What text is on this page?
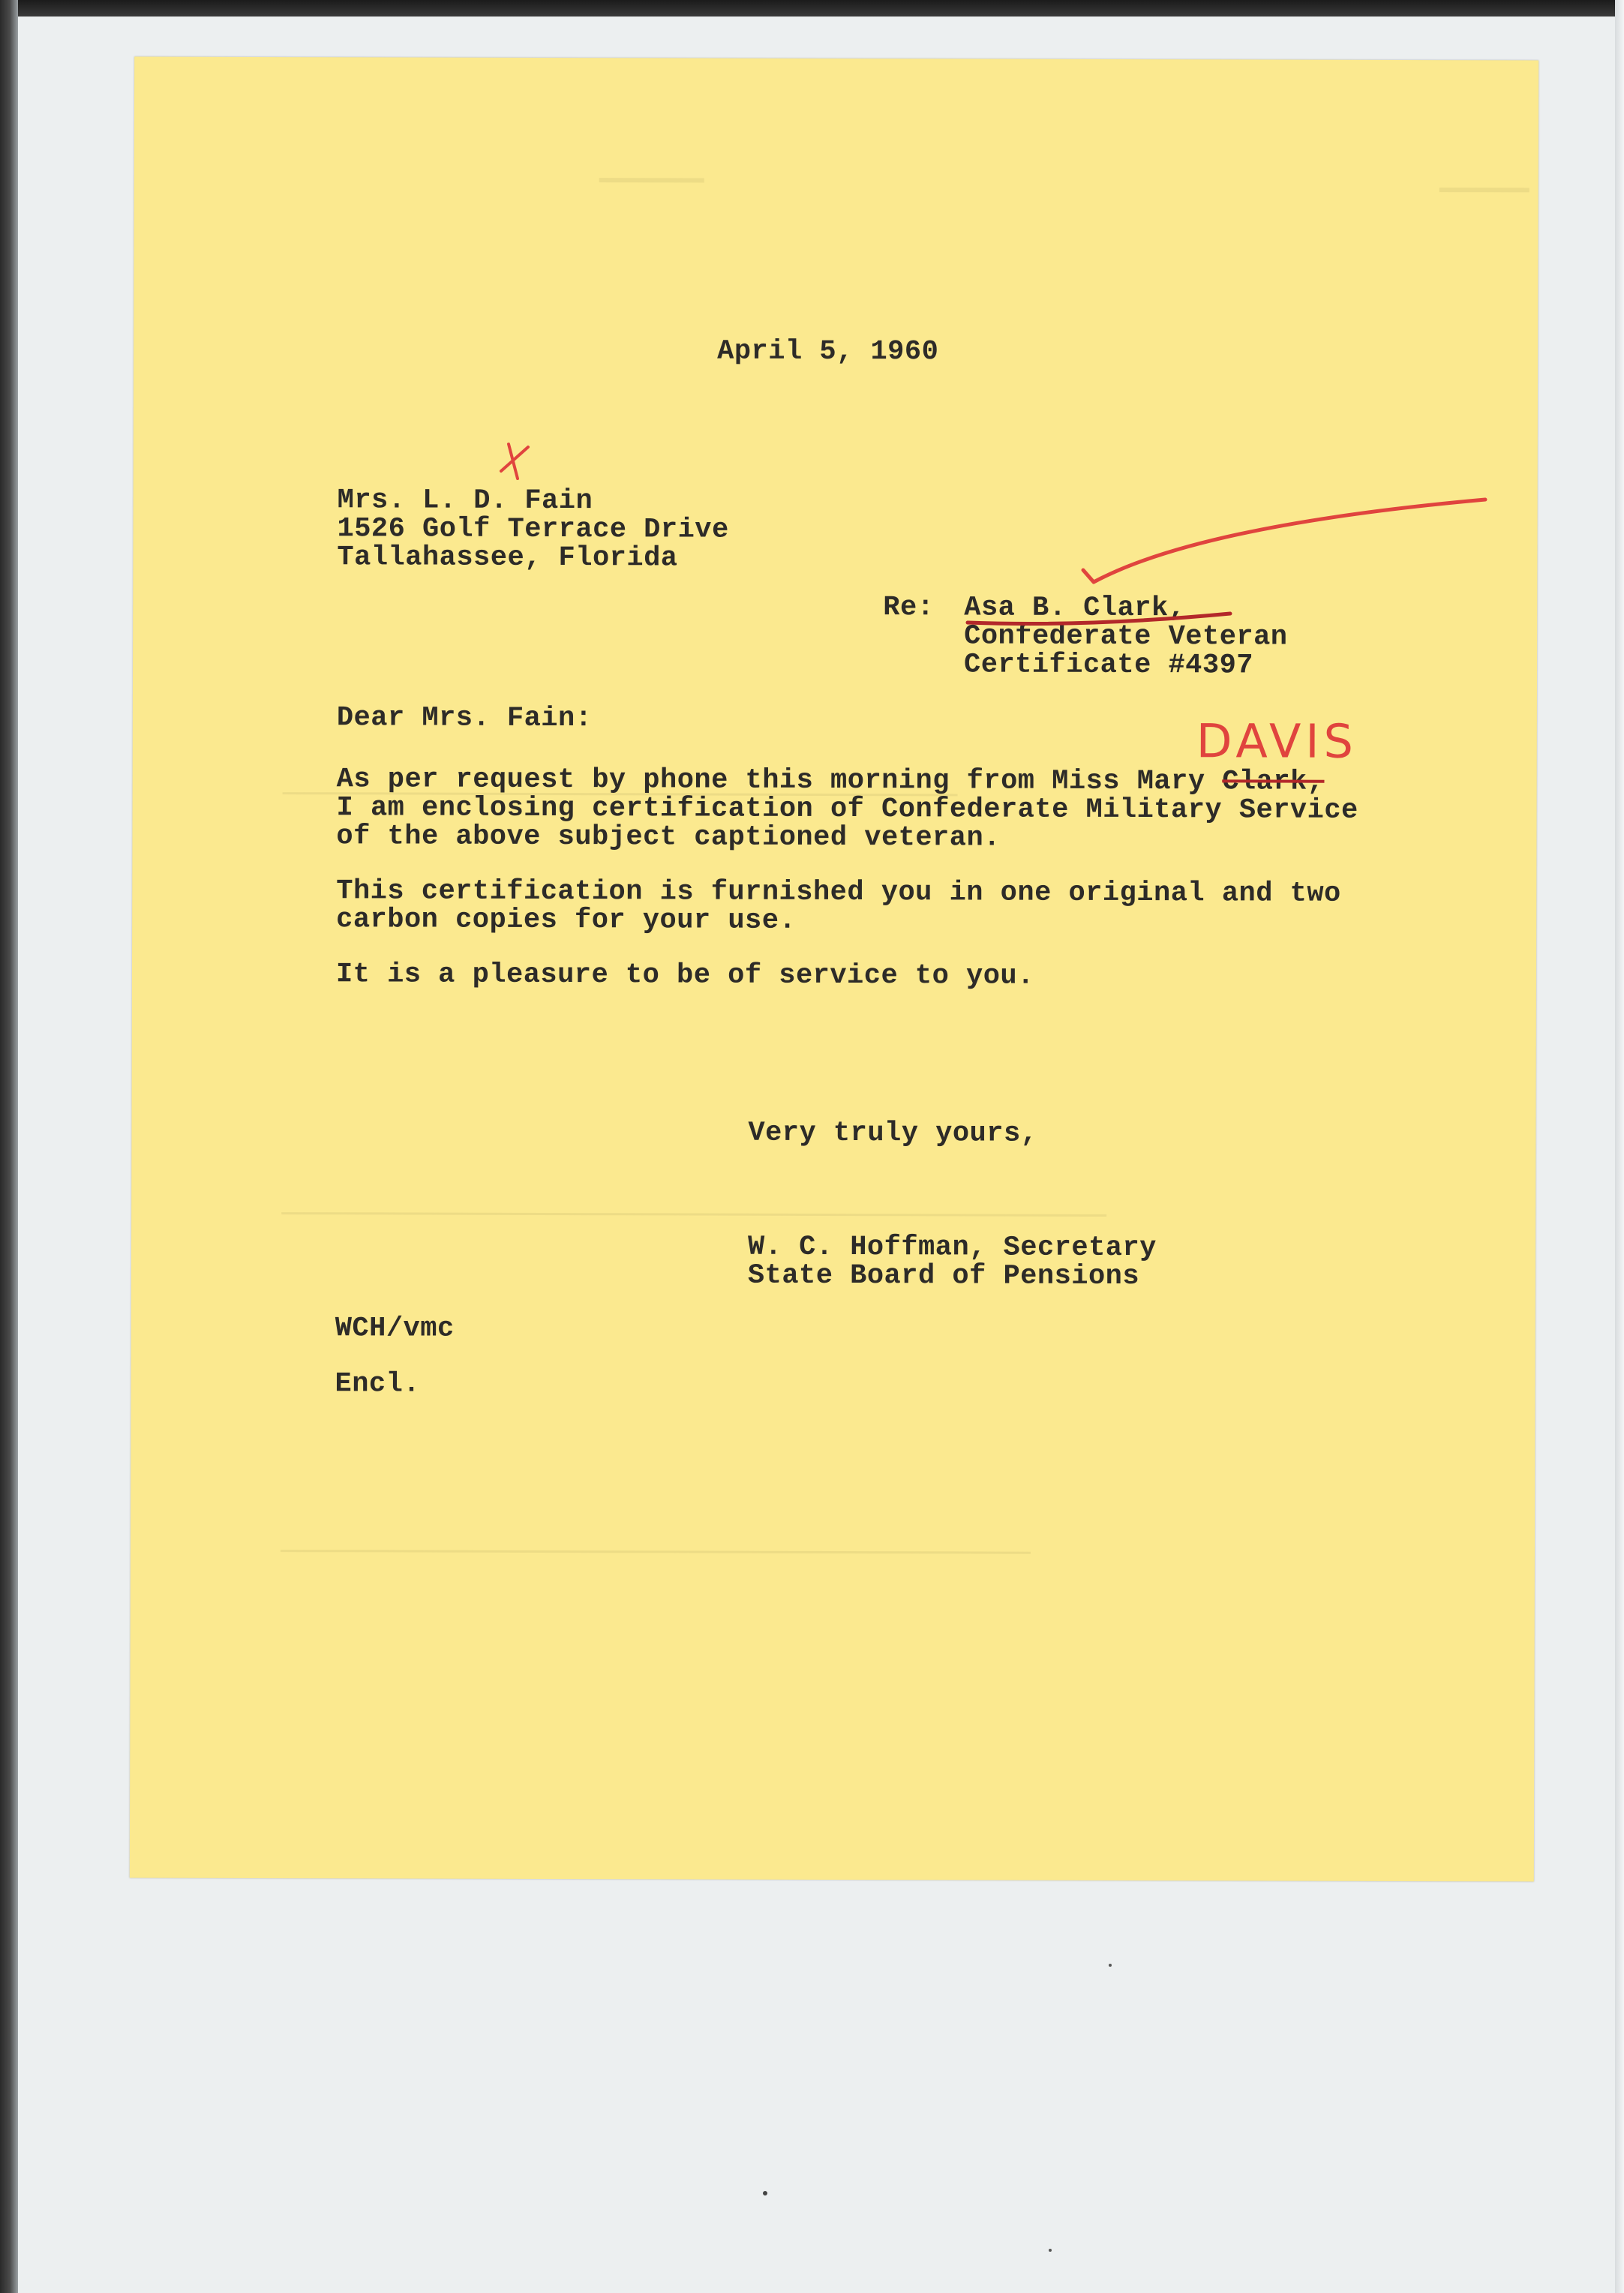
April 5, 1960

Mrs. L. D. Fain

1526 Golf Terrace Drive

Tallahassee, Florida

Re: Asa B. Clark,

Confederate Veteran

Certificate #4397

Dear Mrs. Fain:

As per request by phone this morning from Miss Mary Clark,

I am enclosing certification of Confederate Military Service

of the above subject captioned veteran.

This certification is furnished you in one original and two

carbon copies for your use.

It is a pleasure to be of service to you.

Very truly yours,

W. C. Hoffman, Secretary

State Board of Pensions

WCH/vmc

Encl.

DAVIS
